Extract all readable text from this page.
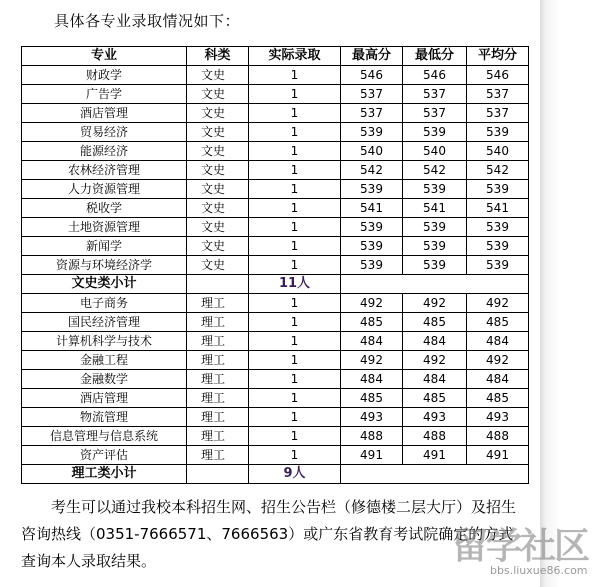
具体各专业录取情况如下：
专业	科类	实际录取	最高分	最低分	平均分
财政学	文史	1	546	546	546
广告学	文史	1	537	537	537
酒店管理	文史	1	537	537	537
贸易经济	文史	1	539	539	539
能源经济	文史	1	540	540	540
农林经济管理	文史	1	542	542	542
人力资源管理	文史	1	539	539	539
税收学	文史	1	541	541	541
土地资源管理	文史	1	539	539	539
新闻学	文史	1	539	539	539
资源与环境经济学	文史	1	539	539	539
文史类小计		11人			
电子商务	理工	1	492	492	492
国民经济管理	理工	1	485	485	485
计算机科学与技术	理工	1	484	484	484
金融工程	理工	1	492	492	492
金融数学	理工	1	484	484	484
酒店管理	理工	1	485	485	485
物流管理	理工	1	493	493	493
信息管理与信息系统	理工	1	488	488	488
资产评估	理工	1	491	491	491
理工类小计		9人			

考生可以通过我校本科招生网、招生公告栏（修德楼二层大厅）及招生咨询热线（0351-7666571、7666563）或广东省教育考试院确定的方式查询本人录取结果。	留学社区
bbs.liuxue86.com
